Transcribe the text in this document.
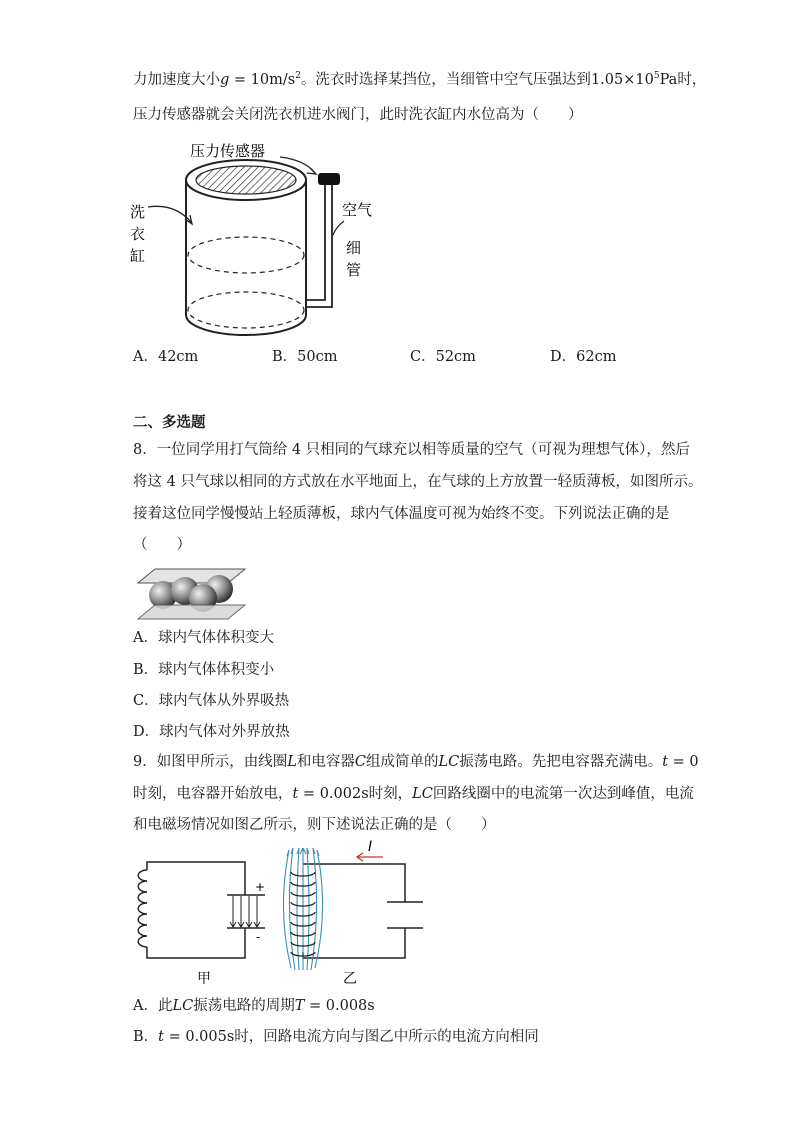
力加速度大小$g = 10m/s^2$。洗衣时选择某挡位，当细管中空气压强达到$1.05\times 10^5Pa$时，
压力传感器就会关闭洗衣机进水阀门，此时洗衣缸内水位高为（　　）
压力传感器
洗
衣
缸
空气
细
管
A．42cm	B．50cm	C．52cm	D．62cm
二、多选题
8．一位同学用打气筒给 4 只相同的气球充以相等质量的空气（可视为理想气体），然后
将这 4 只气球以相同的方式放在水平地面上，在气球的上方放置一轻质薄板，如图所示。
接着这位同学慢慢站上轻质薄板，球内气体温度可视为始终不变。下列说法正确的是
（　　）
A．球内气体体积变大
B．球内气体体积变小
C．球内气体从外界吸热
D．球内气体对外界放热
9．如图甲所示，由线圈L和电容器C组成简单的LC振荡电路。先把电容器充满电。t = 0
时刻，电容器开始放电，t = 0.002s时刻，LC回路线圈中的电流第一次达到峰值，电流
和电磁场情况如图乙所示，则下述说法正确的是（　　）
+
-
甲
I
乙
A．此LC振荡电路的周期T = 0.008s
B．t = 0.005s时，回路电流方向与图乙中所示的电流方向相同
